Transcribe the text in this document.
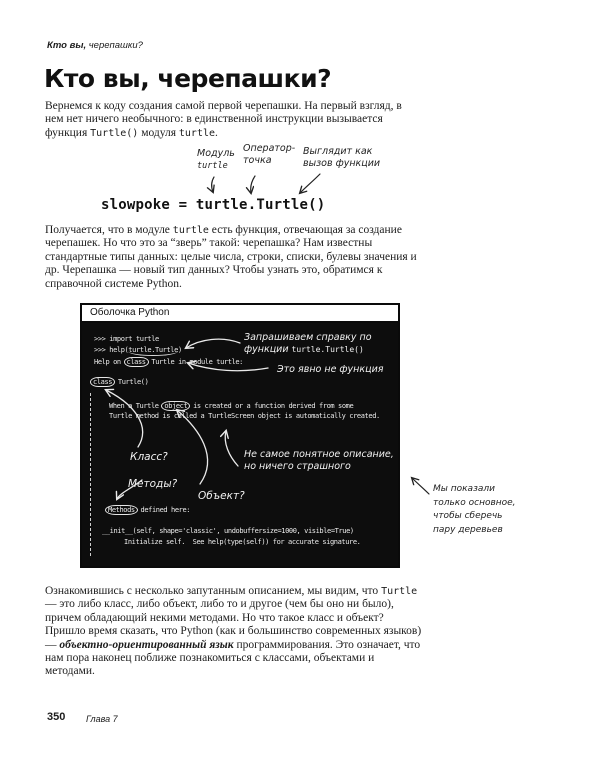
Кто вы, черепашки?
Кто вы, черепашки?
Вернемся к коду создания самой первой черепашки. На первый взгляд, в нем нет ничего необычного: в единственной инструкции вызывается функция Turtle() модуля turtle.
Модуль
turtle
Оператор-
точка
Выглядит как
вызов функции
slowpoke = turtle.Turtle()
Получается, что в модуле turtle есть функция, отвечающая за создание черепашек. Но что это за “зверь” такой: черепашка? Нам известны стандартные типы данных: целые числа, строки, списки, булевы значения и др. Черепашка — новый тип данных? Чтобы узнать это, обратимся к справочной системе Python.
Оболочка Python
>>> import turtle
>>> help(turtle.Turtle)
Help on class Turtle in module turtle:
class Turtle()
When a Turtle object is created or a function derived from some
Turtle method is called a TurtleScreen object is automatically created.
Methods defined here:
__init__(self, shape='classic', undobuffersize=1000, visible=True)
Initialize self.  See help(type(self)) for accurate signature.
Запрашиваем справку по
функции turtle.Turtle()
Это явно не функция
Класс?
Методы?
Объект?
Не самое понятное описание,
но ничего страшного
Мы показали
только основное,
чтобы сберечь
пару деревьев
Ознакомившись с несколько запутанным описанием, мы видим, что Turtle — это либо класс, либо объект, либо то и другое (чем бы оно ни было), причем обладающий некими методами. Но что такое класс и объект? Пришло время сказать, что Python (как и большинство современных языков) — объектно-ориентированный язык программирования. Это означает, что нам пора наконец поближе познакомиться с классами, объектами и методами.
350 Глава 7
